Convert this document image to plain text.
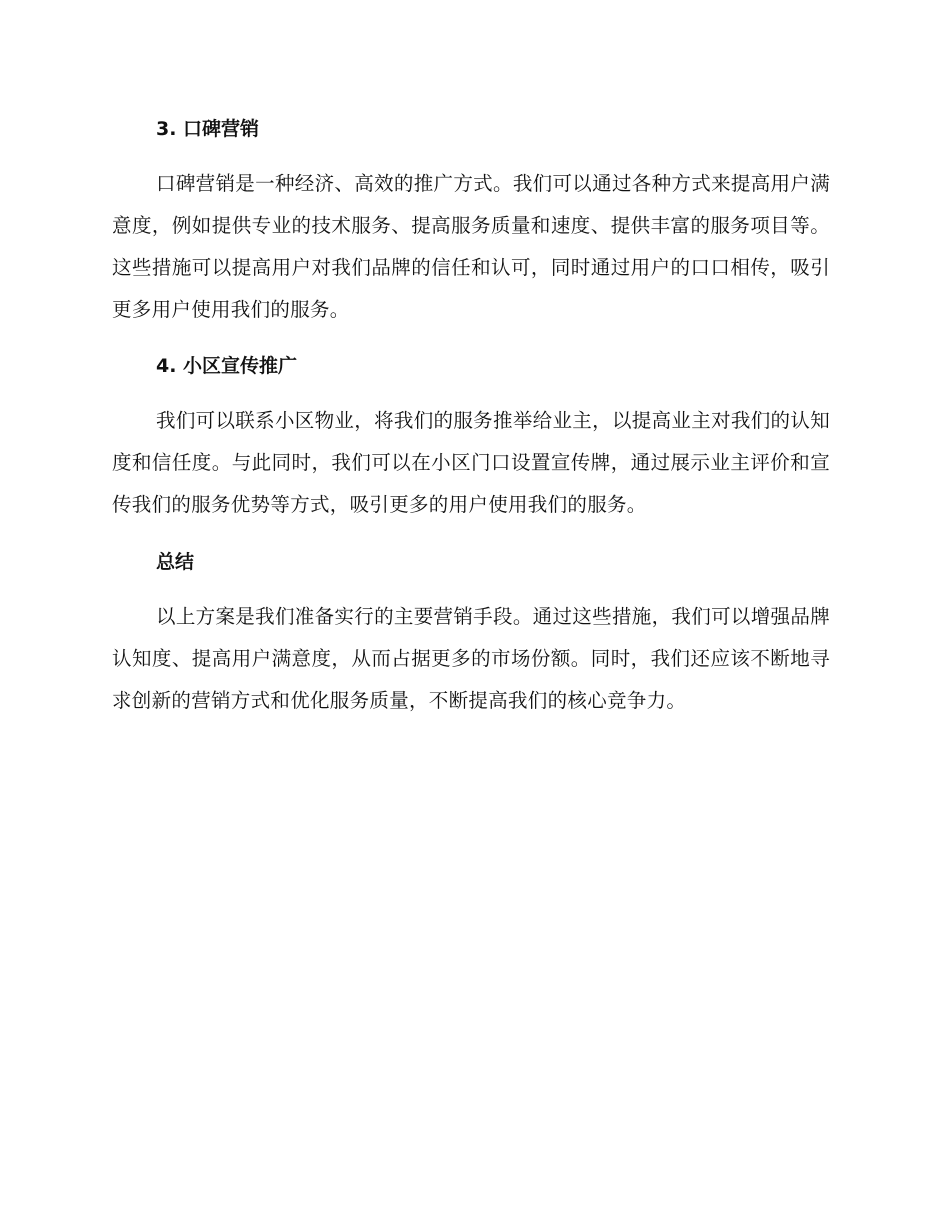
3. 口碑营销

口碑营销是一种经济、高效的推广方式。我们可以通过各种方式来提高用户满意度，例如提供专业的技术服务、提高服务质量和速度、提供丰富的服务项目等。这些措施可以提高用户对我们品牌的信任和认可，同时通过用户的口口相传，吸引更多用户使用我们的服务。

4. 小区宣传推广

我们可以联系小区物业，将我们的服务推举给业主，以提高业主对我们的认知度和信任度。与此同时，我们可以在小区门口设置宣传牌，通过展示业主评价和宣传我们的服务优势等方式，吸引更多的用户使用我们的服务。

总结

以上方案是我们准备实行的主要营销手段。通过这些措施，我们可以增强品牌认知度、提高用户满意度，从而占据更多的市场份额。同时，我们还应该不断地寻求创新的营销方式和优化服务质量，不断提高我们的核心竞争力。
